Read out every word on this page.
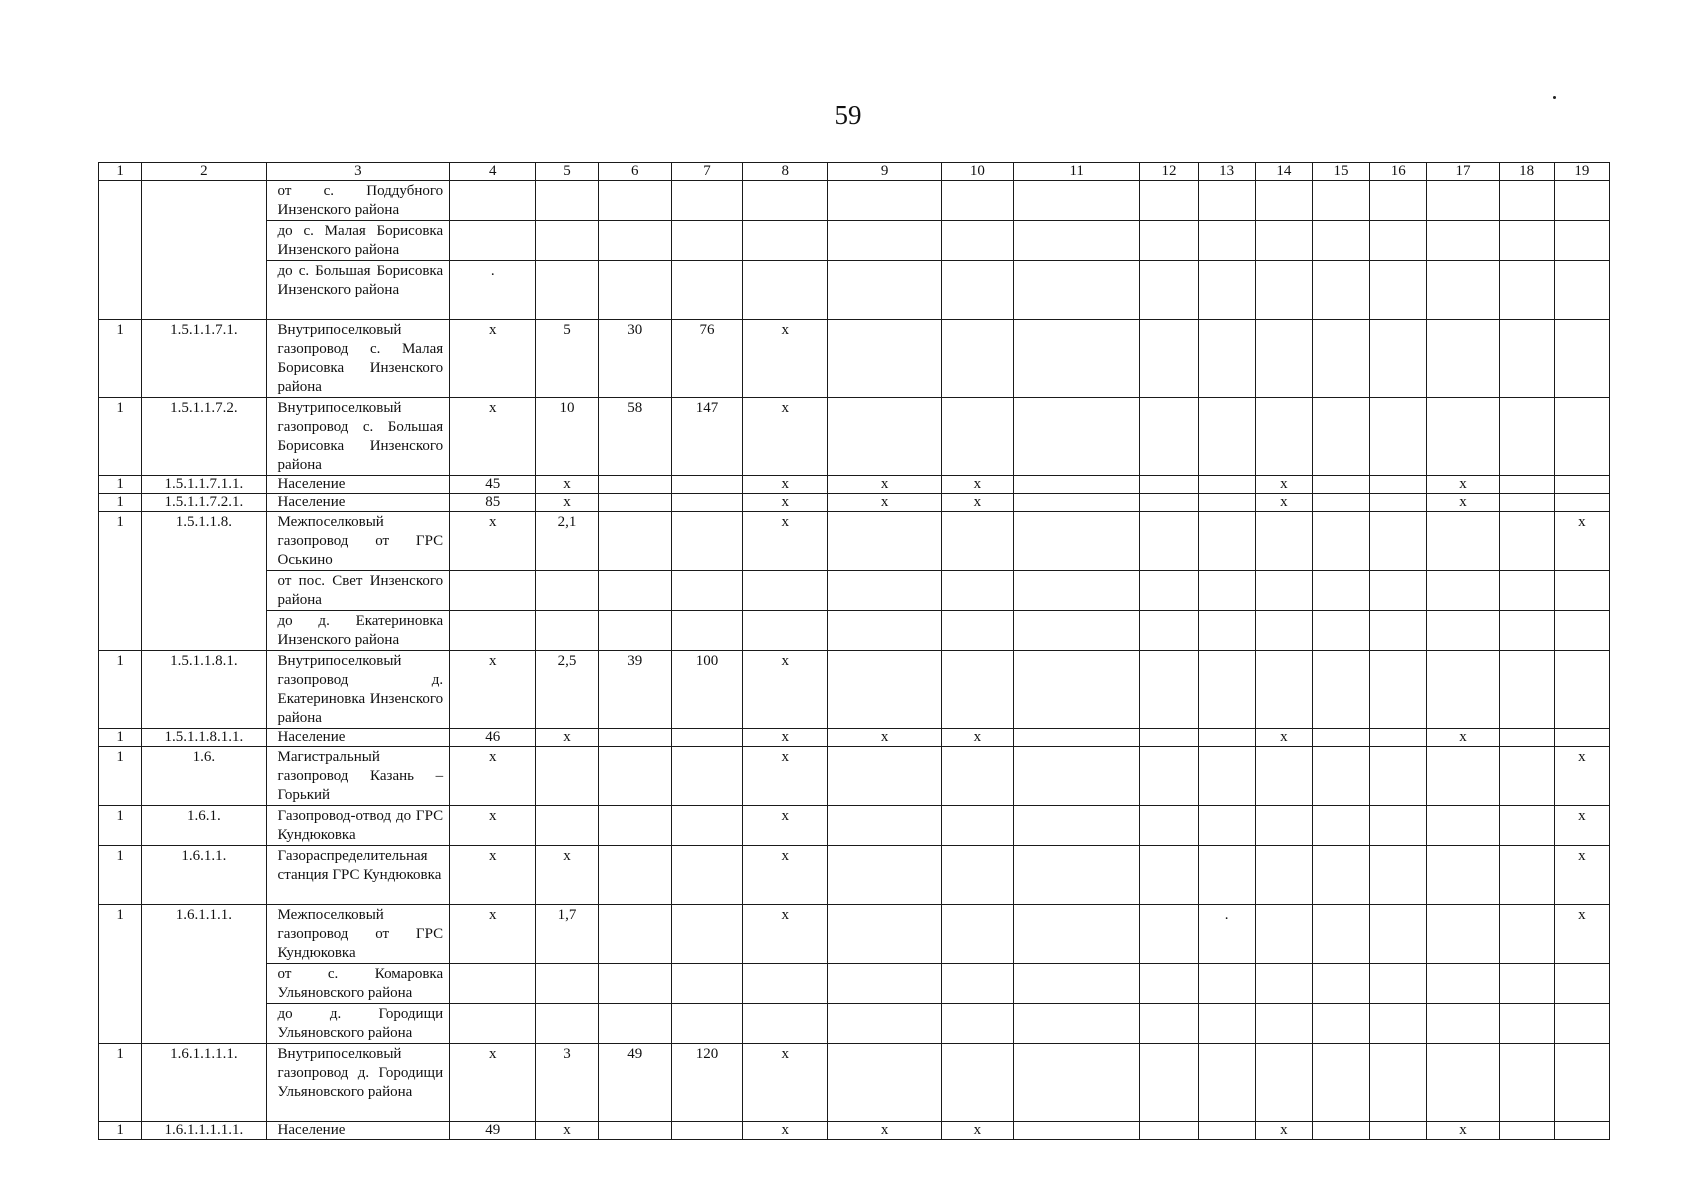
59
1	2	3	4	5	6	7	8	9	10	11	12	13	14	15	16	17	18	19
		от с. Поддубного Инзенского района																
		до с. Малая Борисовка Инзенского района																
		до с. Большая Борисовка Инзенского района	.															
1	1.5.1.1.7.1.	Внутрипоселковый газопровод с. Малая Борисовка Инзенского района	x	5	30	76	x											
1	1.5.1.1.7.2.	Внутрипоселковый газопровод с. Большая Борисовка Инзенского района	x	10	58	147	x											
1	1.5.1.1.7.1.1.	Население	45	x			x	x	x				x			x		
1	1.5.1.1.7.2.1.	Население	85	x			x	x	x				x			x		
1	1.5.1.1.8.	Межпоселковый газопровод от ГРС Оськино	x	2,1			x											x
		от пос. Свет Инзенского района																
		до д. Екатериновка Инзенского района																
1	1.5.1.1.8.1.	Внутрипоселковый газопровод д. Екатериновка Инзенского района	x	2,5	39	100	x											
1	1.5.1.1.8.1.1.	Население	46	x			x	x	x				x			x		
1	1.6.	Магистральный газопровод Казань – Горький	x				x											x
1	1.6.1.	Газопровод-отвод до ГРС Кундюковка	x				x											x
1	1.6.1.1.	Газораспределительная станция ГРС Кундюковка	x	x			x											x
1	1.6.1.1.1.	Межпоселковый газопровод от ГРС Кундюковка	x	1,7			x					.						x
		от с. Комаровка Ульяновского района																
		до д. Городищи Ульяновского района																
1	1.6.1.1.1.1.	Внутрипоселковый газопровод д. Городищи Ульяновского района	x	3	49	120	x											
1	1.6.1.1.1.1.1.	Население	49	x			x	x	x				x			x		
